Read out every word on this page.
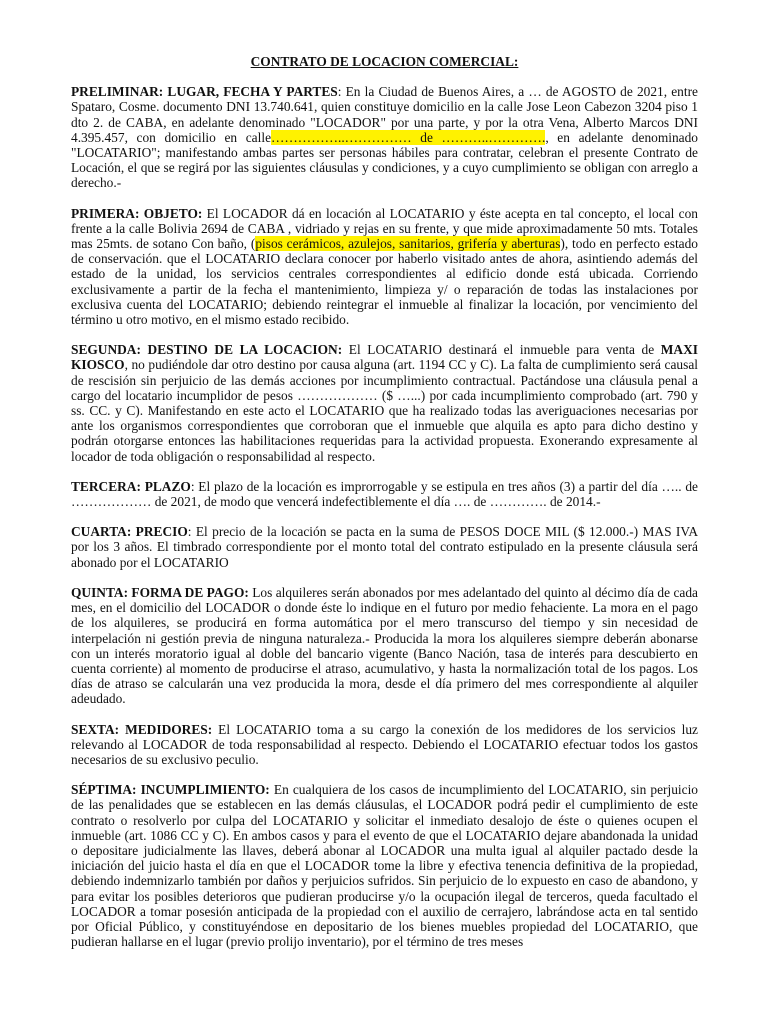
CONTRATO DE LOCACION COMERCIAL:

PRELIMINAR: LUGAR, FECHA Y PARTES: En la Ciudad de Buenos Aires, a … de AGOSTO de 2021, entre Spataro, Cosme. documento DNI 13.740.641, quien constituye domicilio en la calle Jose Leon Cabezon 3204 piso 1 dto 2. de CABA, en adelante denominado "LOCADOR" por una parte, y por la otra Vena, Alberto Marcos DNI 4.395.457, con domicilio en calle……………..…………… de ………..…………., en adelante denominado "LOCATARIO"; manifestando ambas partes ser personas hábiles para contratar, celebran el presente Contrato de Locación, el que se regirá por las siguientes cláusulas y condiciones, y a cuyo cumplimiento se obligan con arreglo a derecho.-

PRIMERA: OBJETO: El LOCADOR dá en locación al LOCATARIO y éste acepta en tal concepto, el local con frente a la calle Bolivia 2694 de CABA , vidriado y rejas en su frente, y que mide aproximadamente 50 mts. Totales mas 25mts. de sotano Con baño, (pisos cerámicos, azulejos, sanitarios, grifería y aberturas), todo en perfecto estado de conservación. que el LOCATARIO declara conocer por haberlo visitado antes de ahora, asintiendo además del estado de la unidad, los servicios centrales correspondientes al edificio donde está ubicada. Corriendo exclusivamente a partir de la fecha el mantenimiento, limpieza y/ o reparación de todas las instalaciones por exclusiva cuenta del LOCATARIO; debiendo reintegrar el inmueble al finalizar la locación, por vencimiento del término u otro motivo, en el mismo estado recibido.

SEGUNDA: DESTINO DE LA LOCACION: El LOCATARIO destinará el inmueble para venta de MAXI KIOSCO, no pudiéndole dar otro destino por causa alguna (art. 1194 CC y C). La falta de cumplimiento será causal de rescisión sin perjuicio de las demás acciones por incumplimiento contractual. Pactándose una cláusula penal a cargo del locatario incumplidor de pesos ……………… ($ …...) por cada incumplimiento comprobado (art. 790 y ss. CC. y C). Manifestando en este acto el LOCATARIO que ha realizado todas las averiguaciones necesarias por ante los organismos correspondientes que corroboran que el inmueble que alquila es apto para dicho destino y podrán otorgarse entonces las habilitaciones requeridas para la actividad propuesta. Exonerando expresamente al locador de toda obligación o responsabilidad al respecto.

TERCERA: PLAZO: El plazo de la locación es improrrogable y se estipula en tres años (3) a partir del día ….. de ……………… de 2021, de modo que vencerá indefectiblemente el día …. de …………. de 2014.-

CUARTA: PRECIO: El precio de la locación se pacta en la suma de PESOS DOCE MIL ($ 12.000.-) MAS IVA por los 3 años. El timbrado correspondiente por el monto total del contrato estipulado en la presente cláusula será abonado por el LOCATARIO

QUINTA: FORMA DE PAGO: Los alquileres serán abonados por mes adelantado del quinto al décimo día de cada mes, en el domicilio del LOCADOR o donde éste lo indique en el futuro por medio fehaciente. La mora en el pago de los alquileres, se producirá en forma automática por el mero transcurso del tiempo y sin necesidad de interpelación ni gestión previa de ninguna naturaleza.- Producida la mora los alquileres siempre deberán abonarse con un interés moratorio igual al doble del bancario vigente (Banco Nación, tasa de interés para descubierto en cuenta corriente) al momento de producirse el atraso, acumulativo, y hasta la normalización total de los pagos. Los días de atraso se calcularán una vez producida la mora, desde el día primero del mes correspondiente al alquiler adeudado.

SEXTA: MEDIDORES: El LOCATARIO toma a su cargo la conexión de los medidores de los servicios luz relevando al LOCADOR de toda responsabilidad al respecto. Debiendo el LOCATARIO efectuar todos los gastos necesarios de su exclusivo peculio.

SÉPTIMA: INCUMPLIMIENTO: En cualquiera de los casos de incumplimiento del LOCATARIO, sin perjuicio de las penalidades que se establecen en las demás cláusulas, el LOCADOR podrá pedir el cumplimiento de este contrato o resolverlo por culpa del LOCATARIO y solicitar el inmediato desalojo de éste o quienes ocupen el inmueble (art. 1086 CC y C). En ambos casos y para el evento de que el LOCATARIO dejare abandonada la unidad o depositare judicialmente las llaves, deberá abonar al LOCADOR una multa igual al alquiler pactado desde la iniciación del juicio hasta el día en que el LOCADOR tome la libre y efectiva tenencia definitiva de la propiedad, debiendo indemnizarlo también por daños y perjuicios sufridos. Sin perjuicio de lo expuesto en caso de abandono, y para evitar los posibles deterioros que pudieran producirse y/o la ocupación ilegal de terceros, queda facultado el LOCADOR a tomar posesión anticipada de la propiedad con el auxilio de cerrajero, labrándose acta en tal sentido por Oficial Público, y constituyéndose en depositario de los bienes muebles propiedad del LOCATARIO, que pudieran hallarse en el lugar (previo prolijo inventario), por el término de tres meses
